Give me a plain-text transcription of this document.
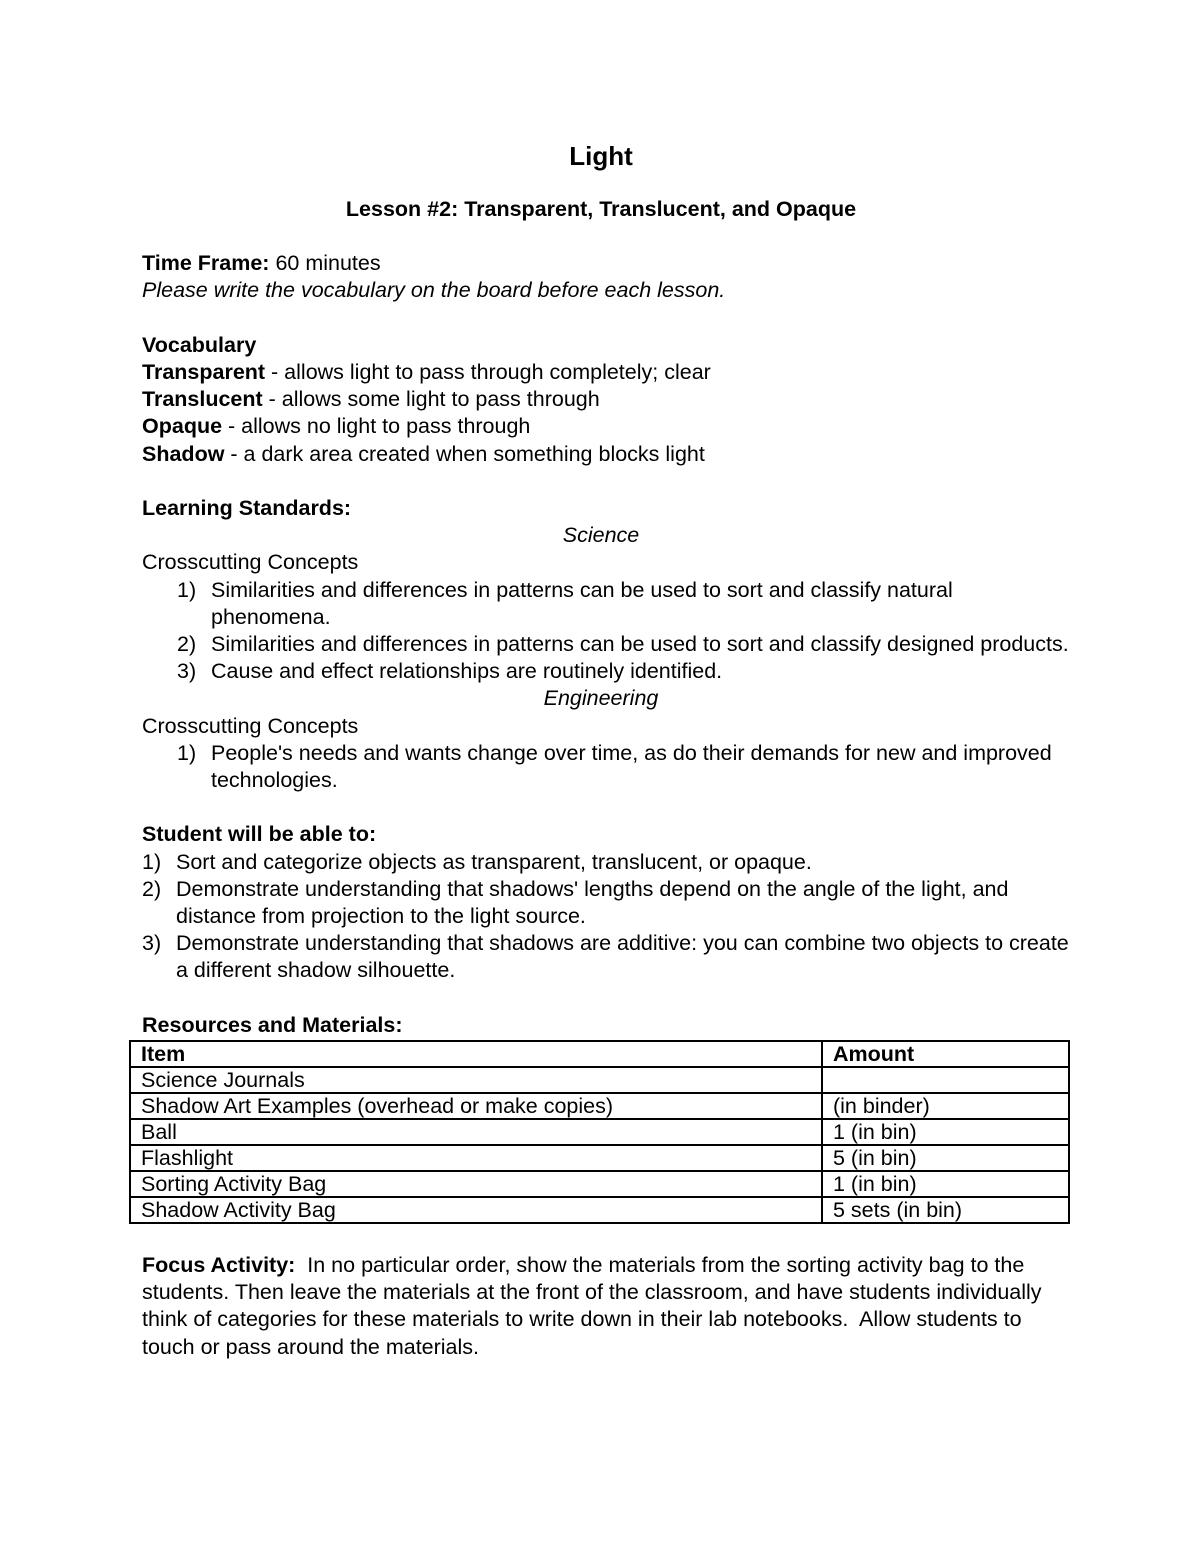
Light
Lesson #2: Transparent, Translucent, and Opaque
Time Frame: 60 minutes
Please write the vocabulary on the board before each lesson.
Vocabulary
Transparent - allows light to pass through completely; clear
Translucent - allows some light to pass through
Opaque - allows no light to pass through
Shadow - a dark area created when something blocks light
Learning Standards:
Science
Crosscutting Concepts
1) Similarities and differences in patterns can be used to sort and classify natural phenomena.
2) Similarities and differences in patterns can be used to sort and classify designed products.
3) Cause and effect relationships are routinely identified.
Engineering
Crosscutting Concepts
1) People's needs and wants change over time, as do their demands for new and improved technologies.
Student will be able to:
1) Sort and categorize objects as transparent, translucent, or opaque.
2) Demonstrate understanding that shadows' lengths depend on the angle of the light, and distance from projection to the light source.
3) Demonstrate understanding that shadows are additive: you can combine two objects to create a different shadow silhouette.
Resources and Materials:
Item	Amount
Science Journals	
Shadow Art Examples (overhead or make copies)	(in binder)
Ball	1 (in bin)
Flashlight	5 (in bin)
Sorting Activity Bag	1 (in bin)
Shadow Activity Bag	5 sets (in bin)
Focus Activity:  In no particular order, show the materials from the sorting activity bag to the students. Then leave the materials at the front of the classroom, and have students individually think of categories for these materials to write down in their lab notebooks.  Allow students to touch or pass around the materials.
